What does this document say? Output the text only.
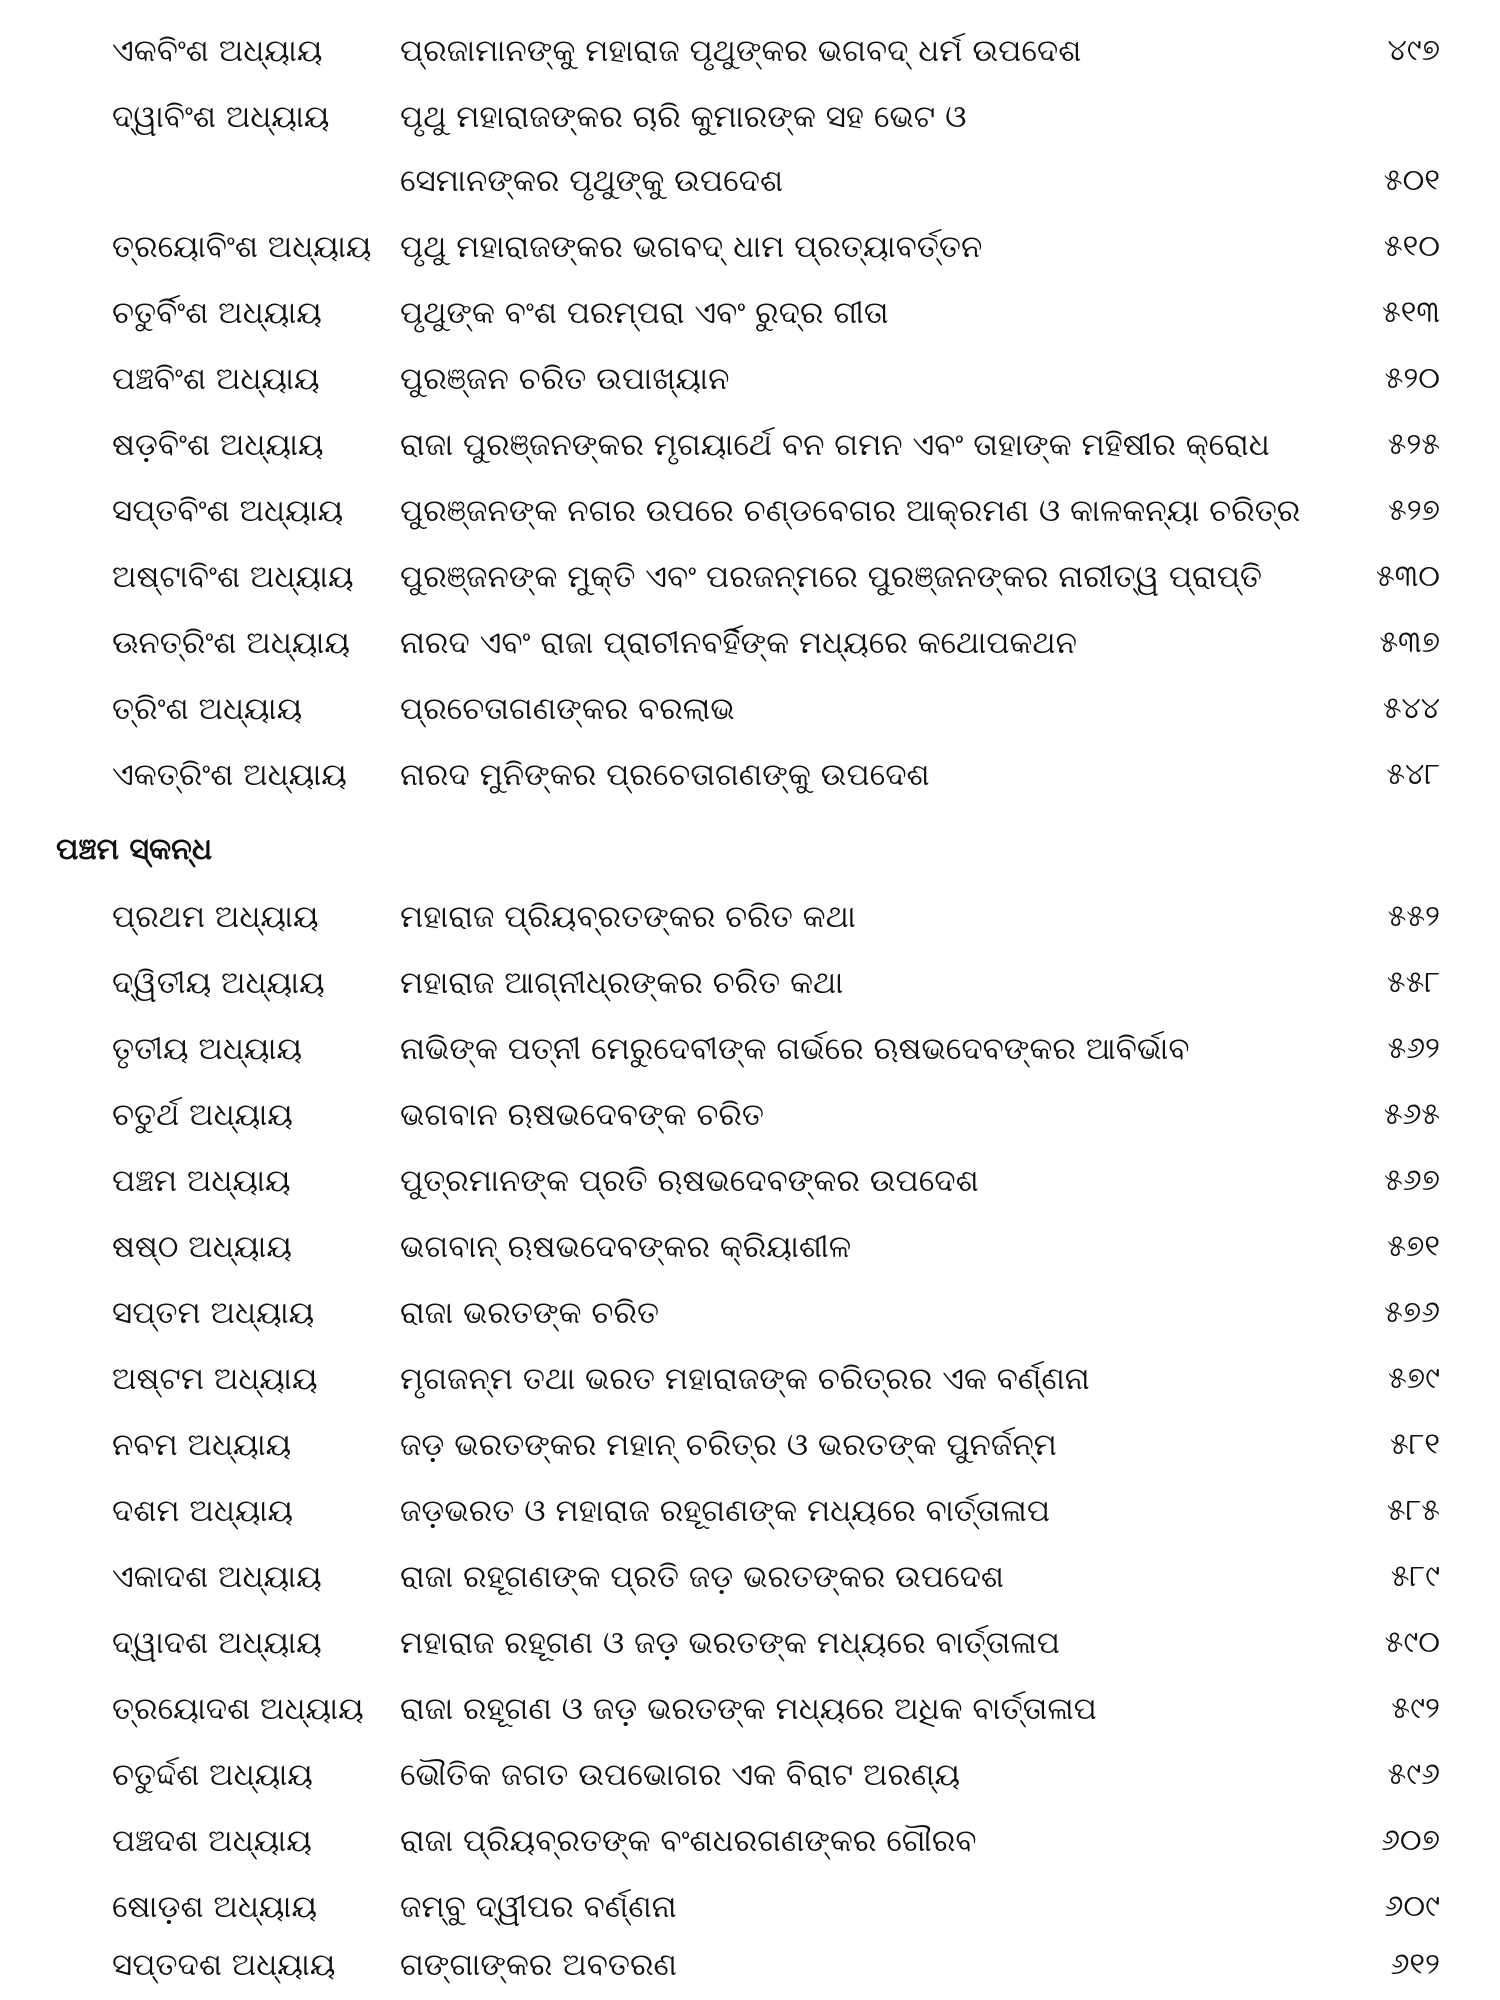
ଏକବିଂଶ ଅଧ୍ୟାୟ	ପ୍ରଜାମାନଙ୍କୁ ମହାରାଜ ପୃଥୁଙ୍କର ଭଗବଦ୍ ଧର୍ମ ଉପଦେଶ	୪୯୭
ଦ୍ୱାବିଂଶ ଅଧ୍ୟାୟ	ପୃଥୁ ମହାରାଜଙ୍କର ଚାରି କୁମାରଙ୍କ ସହ ଭେଟ ଓ
ସେମାନଙ୍କର ପୃଥୁଙ୍କୁ ଉପଦେଶ	୫୦୧
ତ୍ରୟୋବିଂଶ ଅଧ୍ୟାୟ ପୃଥୁ ମହାରାଜଙ୍କର ଭଗବଦ୍ ଧାମ ପ୍ରତ୍ୟାବର୍ତ୍ତନ	୫୧୦
ଚତୁର୍ବିଂଶ ଅଧ୍ୟାୟ	ପୃଥୁଙ୍କ ବଂଶ ପରମ୍ପରା ଏବଂ ରୁଦ୍ର ଗୀତା	୫୧୩
ପଞ୍ଚବିଂଶ ଅଧ୍ୟାୟ	ପୁରଞ୍ଜନ ଚରିତ ଉପାଖ୍ୟାନ	୫୨୦
ଷଡ଼ବିଂଶ ଅଧ୍ୟାୟ	ରାଜା ପୁରଞ୍ଜନଙ୍କର ମୃଗୟାର୍ଥେ ବନ ଗମନ ଏବଂ ତାହାଙ୍କ ମହିଷୀର କ୍ରୋଧ	୫୨୫
ସପ୍ତବିଂଶ ଅଧ୍ୟାୟ	ପୁରଞ୍ଜନଙ୍କ ନଗର ଉପରେ ଚଣ୍ଡବେଗର ଆକ୍ରମଣ ଓ କାଳକନ୍ୟା ଚରିତ୍ର	୫୨୭
ଅଷ୍ଟାବିଂଶ ଅଧ୍ୟାୟ	ପୁରଞ୍ଜନଙ୍କ ମୁକ୍ତି ଏବଂ ପରଜନ୍ମରେ ପୁରଞ୍ଜନଙ୍କର ନାରୀତ୍ୱ ପ୍ରାପ୍ତି	୫୩୦
ଊନତ୍ରିଂଶ ଅଧ୍ୟାୟ	ନାରଦ ଏବଂ ରାଜା ପ୍ରାଚୀନବର୍ହିଙ୍କ ମଧ୍ୟରେ କଥୋପକଥନ	୫୩୭
ତ୍ରିଂଶ ଅଧ୍ୟାୟ	ପ୍ରଚେତାଗଣଙ୍କର ବରଲାଭ	୫୪୪
ଏକତ୍ରିଂଶ ଅଧ୍ୟାୟ	ନାରଦ ମୁନିଙ୍କର ପ୍ରଚେତାଗଣଙ୍କୁ ଉପଦେଶ	୫୪୮
ପଞ୍ଚମ ସ୍କନ୍ଧ
ପ୍ରଥମ ଅଧ୍ୟାୟ	ମହାରାଜ ପ୍ରିୟବ୍ରତଙ୍କର ଚରିତ କଥା	୫୫୨
ଦ୍ୱିତୀୟ ଅଧ୍ୟାୟ	ମହାରାଜ ଆଗ୍ନୀଧ୍ରଙ୍କର ଚରିତ କଥା	୫୫୮
ତୃତୀୟ ଅଧ୍ୟାୟ	ନାଭିଙ୍କ ପତ୍ନୀ ମେରୁଦେବୀଙ୍କ ଗର୍ଭରେ ଋଷଭଦେବଙ୍କର ଆବିର୍ଭାବ	୫୬୨
ଚତୁର୍ଥ ଅଧ୍ୟାୟ	ଭଗବାନ ଋଷଭଦେବଙ୍କ ଚରିତ	୫୬୫
ପଞ୍ଚମ ଅଧ୍ୟାୟ	ପୁତ୍ରମାନଙ୍କ ପ୍ରତି ଋଷଭଦେବଙ୍କର ଉପଦେଶ	୫୬୭
ଷଷ୍ଠ ଅଧ୍ୟାୟ	ଭଗବାନ୍ ଋଷଭଦେବଙ୍କର କ୍ରିୟାଶୀଳ	୫୭୧
ସପ୍ତମ ଅଧ୍ୟାୟ	ରାଜା ଭରତଙ୍କ ଚରିତ	୫୭୬
ଅଷ୍ଟମ ଅଧ୍ୟାୟ	ମୃଗଜନ୍ମ ତଥା ଭରତ ମହାରାଜଙ୍କ ଚରିତ୍ରର ଏକ ବର୍ଣ୍ଣନା	୫୭୯
ନବମ ଅଧ୍ୟାୟ	ଜଡ଼ ଭରତଙ୍କର ମହାନ୍ ଚରିତ୍ର ଓ ଭରତଙ୍କ ପୁନର୍ଜନ୍ମ	୫୮୧
ଦଶମ ଅଧ୍ୟାୟ	ଜଡ଼ଭରତ ଓ ମହାରାଜ ରହୂଗଣଙ୍କ ମଧ୍ୟରେ ବାର୍ତ୍ତାଳାପ	୫୮୫
ଏକାଦଶ ଅଧ୍ୟାୟ	ରାଜା ରହୂଗଣଙ୍କ ପ୍ରତି ଜଡ଼ ଭରତଙ୍କର ଉପଦେଶ	୫୮୯
ଦ୍ୱାଦଶ ଅଧ୍ୟାୟ	ମହାରାଜ ରହୂଗଣ ଓ ଜଡ଼ ଭରତଙ୍କ ମଧ୍ୟରେ ବାର୍ତ୍ତାଳାପ	୫୯୦
ତ୍ରୟୋଦଶ ଅଧ୍ୟାୟ	ରାଜା ରହୂଗଣ ଓ ଜଡ଼ ଭରତଙ୍କ ମଧ୍ୟରେ ଅଧିକ ବାର୍ତ୍ତାଳାପ	୫୯୨
ଚତୁର୍ଦ୍ଦଶ ଅଧ୍ୟାୟ	ଭୌତିକ ଜଗତ ଉପଭୋଗର ଏକ ବିରାଟ ଅରଣ୍ୟ	୫୯୬
ପଞ୍ଚଦଶ ଅଧ୍ୟାୟ	ରାଜା ପ୍ରିୟବ୍ରତଙ୍କ ବଂଶଧରଗଣଙ୍କର ଗୌରବ	୬୦୭
ଷୋଡ଼ଶ ଅଧ୍ୟାୟ	ଜମ୍ବୁ ଦ୍ୱୀପର ବର୍ଣ୍ଣନା	୬୦୯
ସପ୍ତଦଶ ଅଧ୍ୟାୟ	ଗଙ୍ଗାଙ୍କର ଅବତରଣ	୬୧୨
